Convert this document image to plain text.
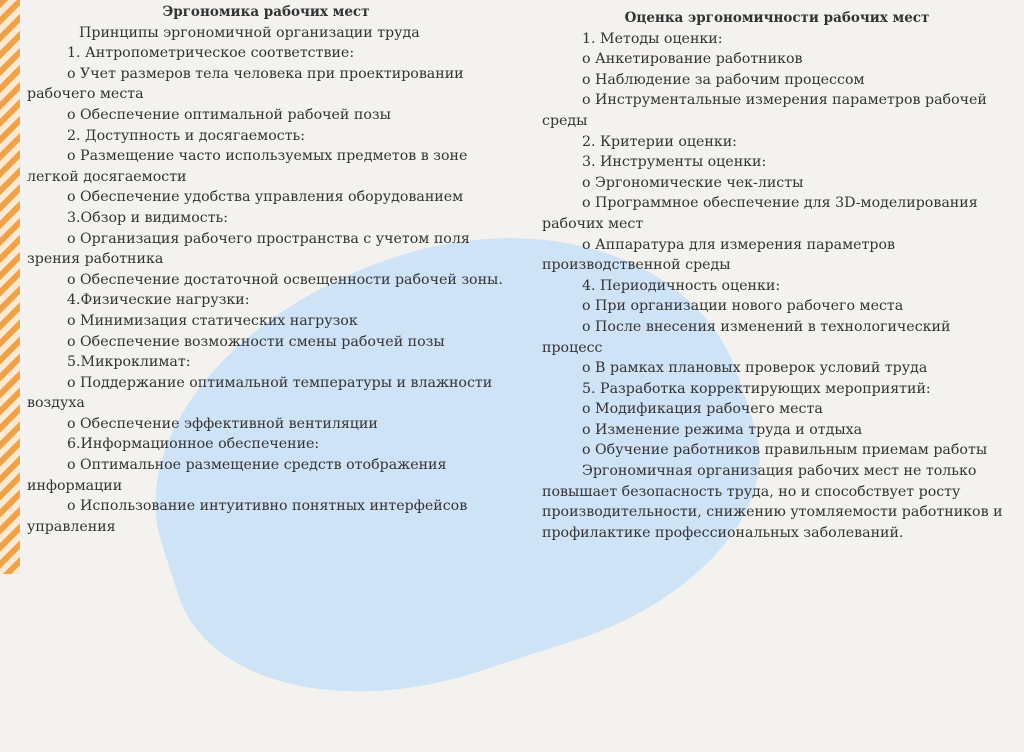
Эргономика рабочих мест
Принципы эргономичной организации труда
1. Антропометрическое соответствие:
o Учет размеров тела человека при проектировании рабочего места
o Обеспечение оптимальной рабочей позы
2. Доступность и досягаемость:
o Размещение часто используемых предметов в зоне легкой досягаемости
o Обеспечение удобства управления оборудованием
3.Обзор и видимость:
o Организация рабочего пространства с учетом поля зрения работника
o Обеспечение достаточной освещенности рабочей зоны.
4.Физические нагрузки:
o Минимизация статических нагрузок
o Обеспечение возможности смены рабочей позы
5.Микроклимат:
o Поддержание оптимальной температуры и влажности воздуха
o Обеспечение эффективной вентиляции
6.Информационное обеспечение:
o Оптимальное размещение средств отображения информации
o Использование интуитивно понятных интерфейсов управления
Оценка эргономичности рабочих мест
1. Методы оценки:
o Анкетирование работников
o Наблюдение за рабочим процессом
o Инструментальные измерения параметров рабочей среды
2. Критерии оценки:
3. Инструменты оценки:
o Эргономические чек-листы
o Программное обеспечение для 3D-моделирования рабочих мест
o Аппаратура для измерения параметров производственной среды
4. Периодичность оценки:
o При организации нового рабочего места
o После внесения изменений в технологический процесс
o В рамках плановых проверок условий труда
5. Разработка корректирующих мероприятий:
o Модификация рабочего места
o Изменение режима труда и отдыха
o Обучение работников правильным приемам работы
Эргономичная организация рабочих мест не только повышает безопасность труда, но и способствует росту производительности, снижению утомляемости работников и профилактике профессиональных заболеваний.
